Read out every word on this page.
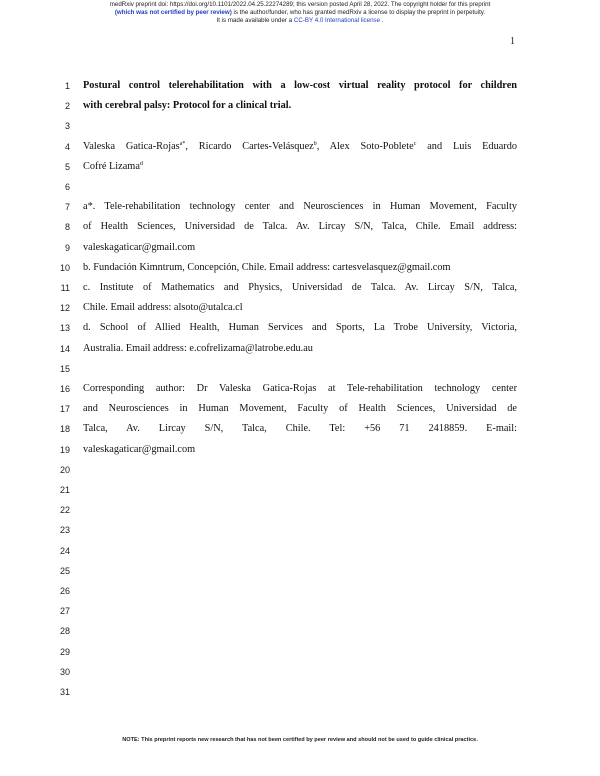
medRxiv preprint doi: https://doi.org/10.1101/2022.04.25.22274289; this version posted April 28, 2022. The copyright holder for this preprint
(which was not certified by peer review) is the author/funder, who has granted medRxiv a license to display the preprint in perpetuity.
It is made available under a CC-BY 4.0 International license .
1
1
2
3
4
5
6
7
8
9
10
11
12
13
14
15
16
17
18
19
20
21
22
23
24
25
26
27
28
29
30
31
Postural control telerehabilitation with a low-cost virtual reality protocol for children
with cerebral palsy: Protocol for a clinical trial.
Valeska Gatica-Rojas$^{a*}$, Ricardo Cartes-Velásquez$^b$, Alex Soto-Poblete$^c$ and Luis Eduardo
Cofré Lizama$^d$
a*. Tele-rehabilitation technology center and Neurosciences in Human Movement, Faculty
of Health Sciences, Universidad de Talca. Av. Lircay S/N, Talca, Chile. Email address:
valeskagaticar@gmail.com
b. Fundación Kimntrum, Concepción, Chile. Email address: cartesvelasquez@gmail.com
c. Institute of Mathematics and Physics, Universidad de Talca. Av. Lircay S/N, Talca,
Chile. Email address: alsoto@utalca.cl
d. School of Allied Health, Human Services and Sports, La Trobe University, Victoria,
Australia. Email address: e.cofrelizama@latrobe.edu.au
Corresponding author: Dr Valeska Gatica-Rojas at Tele-rehabilitation technology center
and Neurosciences in Human Movement, Faculty of Health Sciences, Universidad de
Talca, Av. Lircay S/N, Talca, Chile. Tel: +56 71 2418859. E-mail:
valeskagaticar@gmail.com
NOTE: This preprint reports new research that has not been certified by peer review and should not be used to guide clinical practice.
